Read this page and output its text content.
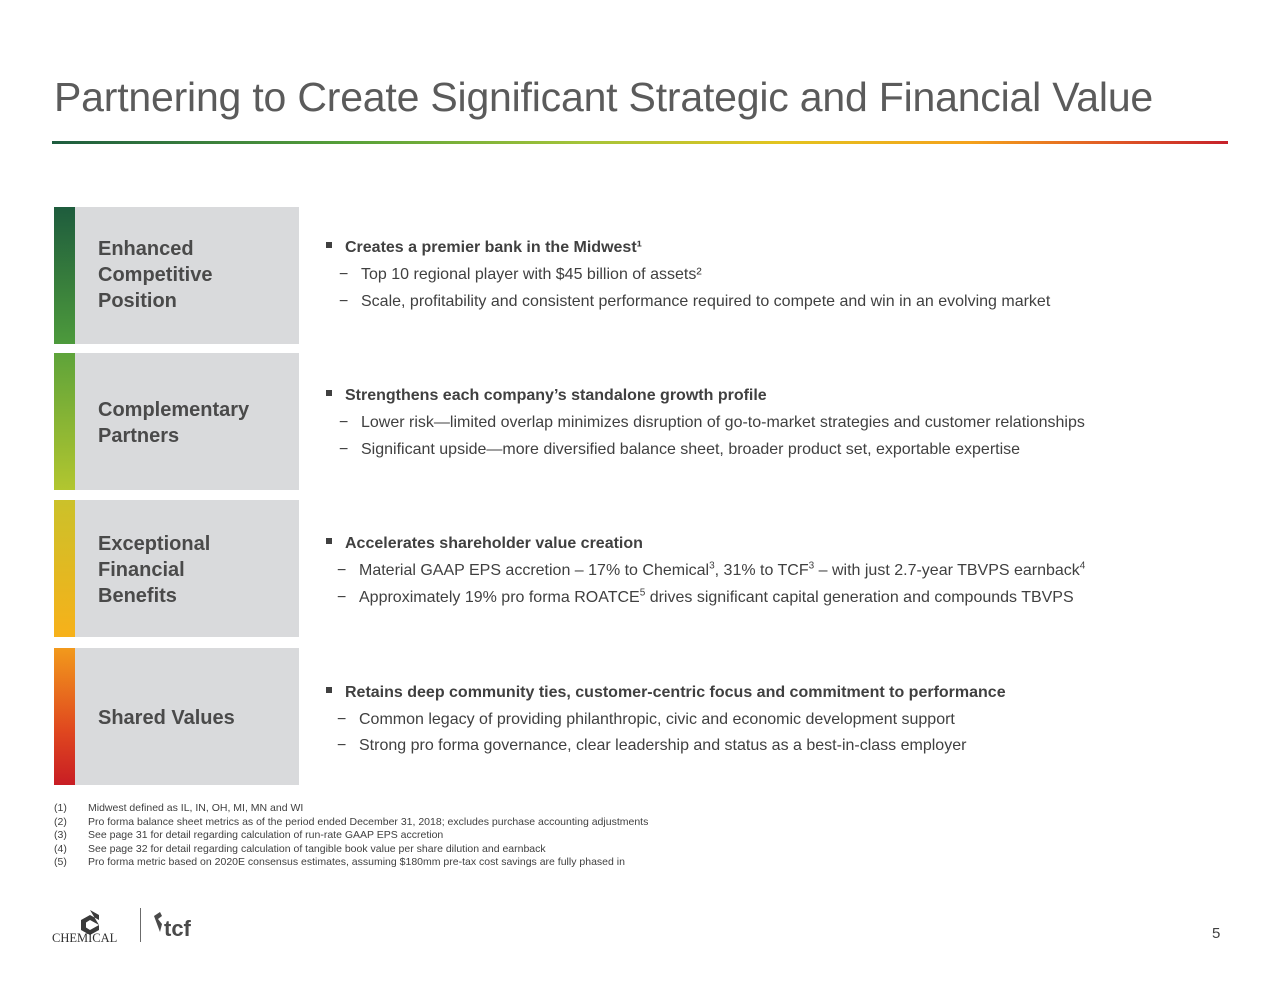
Partnering to Create Significant Strategic and Financial Value
Enhanced
Competitive
Position
Creates a premier bank in the Midwest¹
− Top 10 regional player with $45 billion of assets²
− Scale, profitability and consistent performance required to compete and win in an evolving market
Complementary
Partners
Strengthens each company’s standalone growth profile
− Lower risk—limited overlap minimizes disruption of go-to-market strategies and customer relationships
− Significant upside—more diversified balance sheet, broader product set, exportable expertise
Exceptional
Financial
Benefits
Accelerates shareholder value creation
− Material GAAP EPS accretion – 17% to Chemical$^3$, 31% to TCF$^3$ – with just 2.7-year TBVPS earnback$^4$
− Approximately 19% pro forma ROATCE$^5$ drives significant capital generation and compounds TBVPS
Shared Values
Retains deep community ties, customer-centric focus and commitment to performance
− Common legacy of providing philanthropic, civic and economic development support
− Strong pro forma governance, clear leadership and status as a best-in-class employer
(1) Midwest defined as IL, IN, OH, MI, MN and WI
(2) Pro forma balance sheet metrics as of the period ended December 31, 2018; excludes purchase accounting adjustments
(3) See page 31 for detail regarding calculation of run-rate GAAP EPS accretion
(4) See page 32 for detail regarding calculation of tangible book value per share dilution and earnback
(5) Pro forma metric based on 2020E consensus estimates, assuming $180mm pre-tax cost savings are fully phased in
CHEMICAL tcf	5
